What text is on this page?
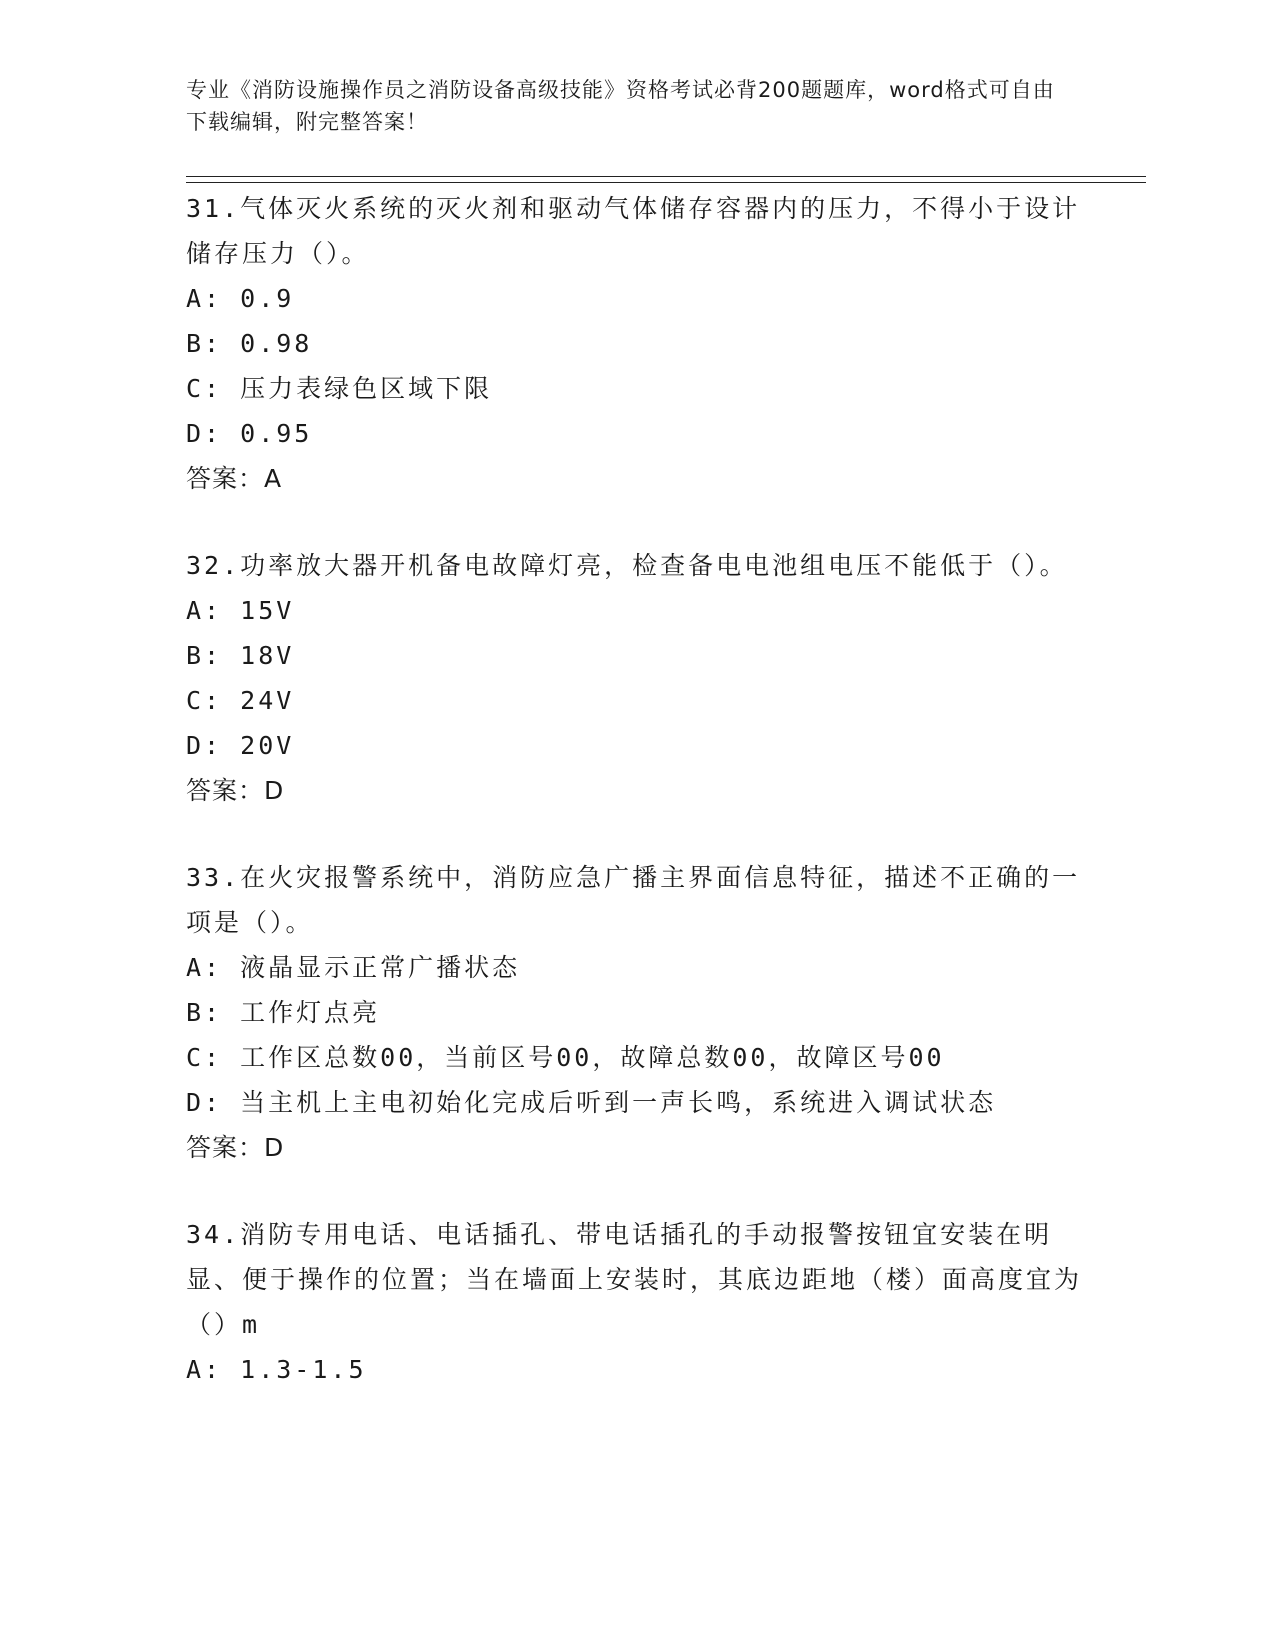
专业《消防设施操作员之消防设备高级技能》资格考试必背200题题库，word格式可自由下载编辑，附完整答案！
31.气体灭火系统的灭火剂和驱动气体储存容器内的压力，不得小于设计储存压力（）。
A: 0.9
B: 0.98
C: 压力表绿色区域下限
D: 0.95
答案：A
32.功率放大器开机备电故障灯亮，检查备电电池组电压不能低于（）。
A: 15V
B: 18V
C: 24V
D: 20V
答案：D
33.在火灾报警系统中，消防应急广播主界面信息特征，描述不正确的一项是（）。
A: 液晶显示正常广播状态
B: 工作灯点亮
C: 工作区总数00，当前区号00，故障总数00，故障区号00
D: 当主机上主电初始化完成后听到一声长鸣，系统进入调试状态
答案：D
34.消防专用电话、电话插孔、带电话插孔的手动报警按钮宜安装在明显、便于操作的位置；当在墙面上安装时，其底边距地（楼）面高度宜为（）m
A: 1.3-1.5
